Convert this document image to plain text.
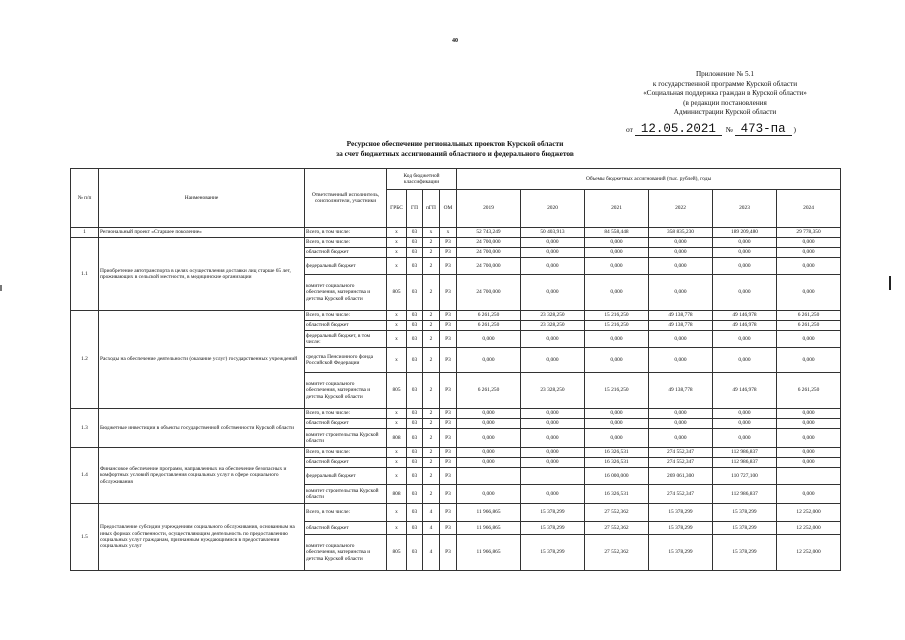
40
Приложение № 5.1
к государственной программе Курской области
«Социальная поддержка граждан в Курской области»
(в редакции постановления
Администрации Курской области
от 12.05.2021 № 473-па )
Ресурсное обеспечение региональных проектов Курской области
за счет бюджетных ассигнований областного и федерального бюджетов
№ п/п	Наименование	Ответственный исполнитель, соисполнители, участники	Код бюджетной классификации				Объемы бюджетных ассигнований (тыс. рублей), годы					
			ГРБС	ГП	пГП	ОМ	2019	2020	2021	2022	2023	2024
1	Региональный проект «Старшее поколение»	Всего, в том числе:	х	03	х	х	52 743,249	50 403,913	84 558,448	358 835,230	189 209,480	29 778,350
1.1	Приобретение автотранспорта в целях осуществления доставки лиц старше 65 лет, проживающих в сельской местности, в медицинские организации	Всего, в том числе:	х	03	2	Р3	24 700,000	0,000	0,000	0,000	0,000	0,000
		областной бюджет	х	03	2	Р3	24 700,000	0,000	0,000	0,000	0,000	0,000
		федеральный бюджет	х	03	2	Р3	24 700,000	0,000	0,000	0,000	0,000	0,000
		комитет социального обеспечения, материнства и детства Курской области	805	03	2	Р3	24 700,000	0,000	0,000	0,000	0,000	0,000
1.2	Расходы на обеспечение деятельности (оказание услуг) государственных учреждений	Всего, в том числе:	х	03	2	Р3	6 261,250	23 328,250	15 216,250	49 138,778	49 146,978	6 261,250
		областной бюджет	х	03	2	Р3	6 261,250	23 328,250	15 216,250	49 138,778	49 146,978	6 261,250
		федеральный бюджет, в том числе:	х	03	2	Р3	0,000	0,000	0,000	0,000	0,000	0,000
		средства Пенсионного фонда Российской Федерации	х	03	2	Р3	0,000	0,000	0,000	0,000	0,000	0,000
		комитет социального обеспечения, материнства и детства Курской области	805	03	2	Р3	6 261,250	23 328,250	15 216,250	49 138,778	49 146,978	6 261,250
1.3	Бюджетные инвестиции в объекты государственной собственности Курской области	Всего, в том числе:	х	03	2	Р3	0,000	0,000	0,000	0,000	0,000	0,000
		областной бюджет	х	03	2	Р3	0,000	0,000	0,000	0,000	0,000	0,000
		комитет строительства Курской области	808	03	2	Р3	0,000	0,000	0,000	0,000	0,000	0,000
1.4	Финансовое обеспечение программ, направленных на обеспечение безопасных и комфортных условий предоставления социальных услуг в сфере социального обслуживания	Всего, в том числе:	х	03	2	Р3	0,000	0,000	16 326,531	274 552,347	112 986,837	0,000
		областной бюджет	х	03	2	Р3	0,000	0,000	16 326,531	274 552,347	112 986,837	0,000
		федеральный бюджет	х	03	2	Р3			16 000,000	269 061,300	110 727,100	
		комитет строительства Курской области	808	03	2	Р3	0,000	0,000	16 326,531	274 552,347	112 986,837	0,000
1.5	Предоставление субсидии учреждениям социального обслуживания, основанным на иных формах собственности, осуществляющим деятельность по предоставлению социальных услуг гражданам, признанным нуждающимися в предоставлении социальных услуг	Всего, в том числе:	х	03	4	Р3	11 966,865	15 378,299	27 552,362	15 378,299	15 378,299	12 252,000
		областной бюджет	х	03	4	Р3	11 966,865	15 378,299	27 552,362	15 378,299	15 378,299	12 252,000
		комитет социального обеспечения, материнства и детства Курской области	805	03	4	Р3	11 966,865	15 378,299	27 552,362	15 378,299	15 378,299	12 252,000
